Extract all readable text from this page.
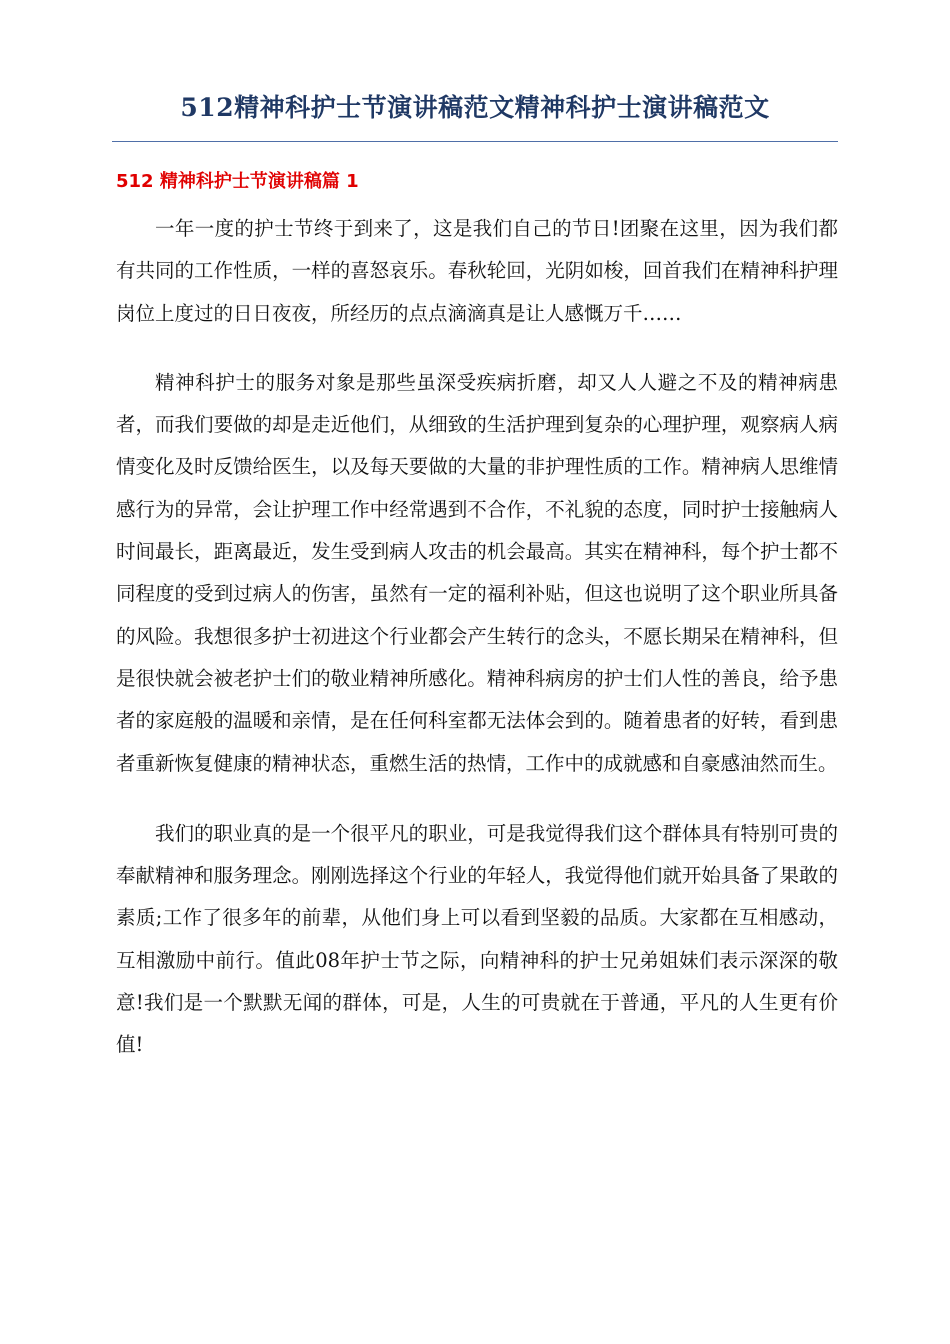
512精神科护士节演讲稿范文精神科护士演讲稿范文
512 精神科护士节演讲稿篇 1

一年一度的护士节终于到来了，这是我们自己的节日!团聚在这里，因为我们都有共同的工作性质，一样的喜怒哀乐。春秋轮回，光阴如梭，回首我们在精神科护理岗位上度过的日日夜夜，所经历的点点滴滴真是让人感慨万千……

精神科护士的服务对象是那些虽深受疾病折磨，却又人人避之不及的精神病患者，而我们要做的却是走近他们，从细致的生活护理到复杂的心理护理，观察病人病情变化及时反馈给医生，以及每天要做的大量的非护理性质的工作。精神病人思维情感行为的异常，会让护理工作中经常遇到不合作，不礼貌的态度，同时护士接触病人时间最长，距离最近，发生受到病人攻击的机会最高。其实在精神科，每个护士都不同程度的受到过病人的伤害，虽然有一定的福利补贴，但这也说明了这个职业所具备的风险。我想很多护士初进这个行业都会产生转行的念头，不愿长期呆在精神科，但是很快就会被老护士们的敬业精神所感化。精神科病房的护士们人性的善良，给予患者的家庭般的温暖和亲情，是在任何科室都无法体会到的。随着患者的好转，看到患者重新恢复健康的精神状态，重燃生活的热情，工作中的成就感和自豪感油然而生。

我们的职业真的是一个很平凡的职业，可是我觉得我们这个群体具有特别可贵的奉献精神和服务理念。刚刚选择这个行业的年轻人，我觉得他们就开始具备了果敢的素质;工作了很多年的前辈，从他们身上可以看到坚毅的品质。大家都在互相感动，互相激励中前行。值此08年护士节之际，向精神科的护士兄弟姐妹们表示深深的敬意!我们是一个默默无闻的群体，可是，人生的可贵就在于普通，平凡的人生更有价值!
